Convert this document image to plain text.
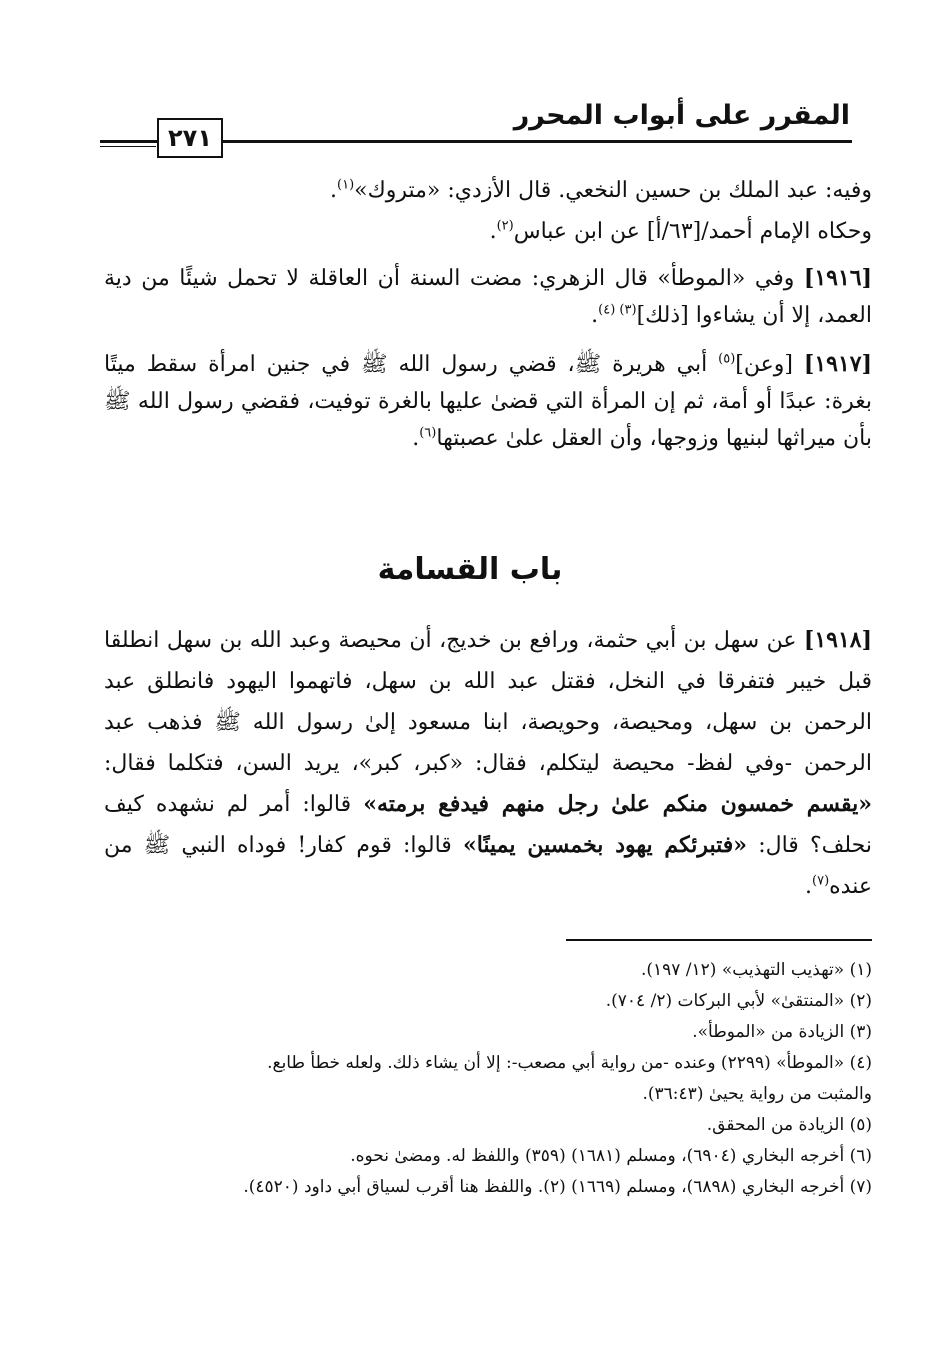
المقرر على أبواب المحرر
٢٧١

وفيه: عبد الملك بن حسين النخعي. قال الأزدي: «متروك»$^{(١)}$.

وحكاه الإمام أحمد/[٦٣/أ] عن ابن عباس$^{(٢)}$.

[١٩١٦] وفي «الموطأ» قال الزهري: مضت السنة أن العاقلة لا تحمل شيئًا من دية العمد، إلا أن يشاءوا [ذلك]$^{(٣) (٤)}$.

[١٩١٧] [وعن]$^{(٥)}$ أبي هريرة ﷺ، قضي رسول الله ﷺ في جنين امرأة سقط ميتًا بغرة: عبدًا أو أمة، ثم إن المرأة التي قضىٰ عليها بالغرة توفيت، فقضي رسول الله ﷺ بأن ميراثها لبنيها وزوجها، وأن العقل علىٰ عصبتها$^{(٦)}$.

باب القسامة

[١٩١٨] عن سهل بن أبي حثمة، ورافع بن خديج، أن محيصة وعبد الله بن سهل انطلقا قبل خيبر فتفرقا في النخل، فقتل عبد الله بن سهل، فاتهموا اليهود فانطلق عبد الرحمن بن سهل، ومحيصة، وحويصة، ابنا مسعود إلىٰ رسول الله ﷺ فذهب عبد الرحمن -وفي لفظ- محيصة ليتكلم، فقال: «كبر، كبر»، يريد السن، فتكلما فقال: «يقسم خمسون منكم علىٰ رجل منهم فيدفع برمته» قالوا: أمر لم نشهده كيف نحلف؟ قال: «فتبرئكم يهود بخمسين يمينًا» قالوا: قوم كفار! فوداه النبي ﷺ من عنده$^{(٧)}$.

(١) «تهذيب التهذيب» (١٢/ ١٩٧).

(٢) «المنتقىٰ» لأبي البركات (٢/ ٧٠٤).

(٣) الزيادة من «الموطأ».

(٤) «الموطأ» (٢٢٩٩) وعنده -من رواية أبي مصعب-: إلا أن يشاء ذلك. ولعله خطأ طابع.

والمثبت من رواية يحيىٰ (٣٦:٤٣).

(٥) الزيادة من المحقق.

(٦) أخرجه البخاري (٦٩٠٤)، ومسلم (١٦٨١) (٣٥٩) واللفظ له. ومضىٰ نحوه.

(٧) أخرجه البخاري (٦٨٩٨)، ومسلم (١٦٦٩) (٢). واللفظ هنا أقرب لسياق أبي داود (٤٥٢٠).
